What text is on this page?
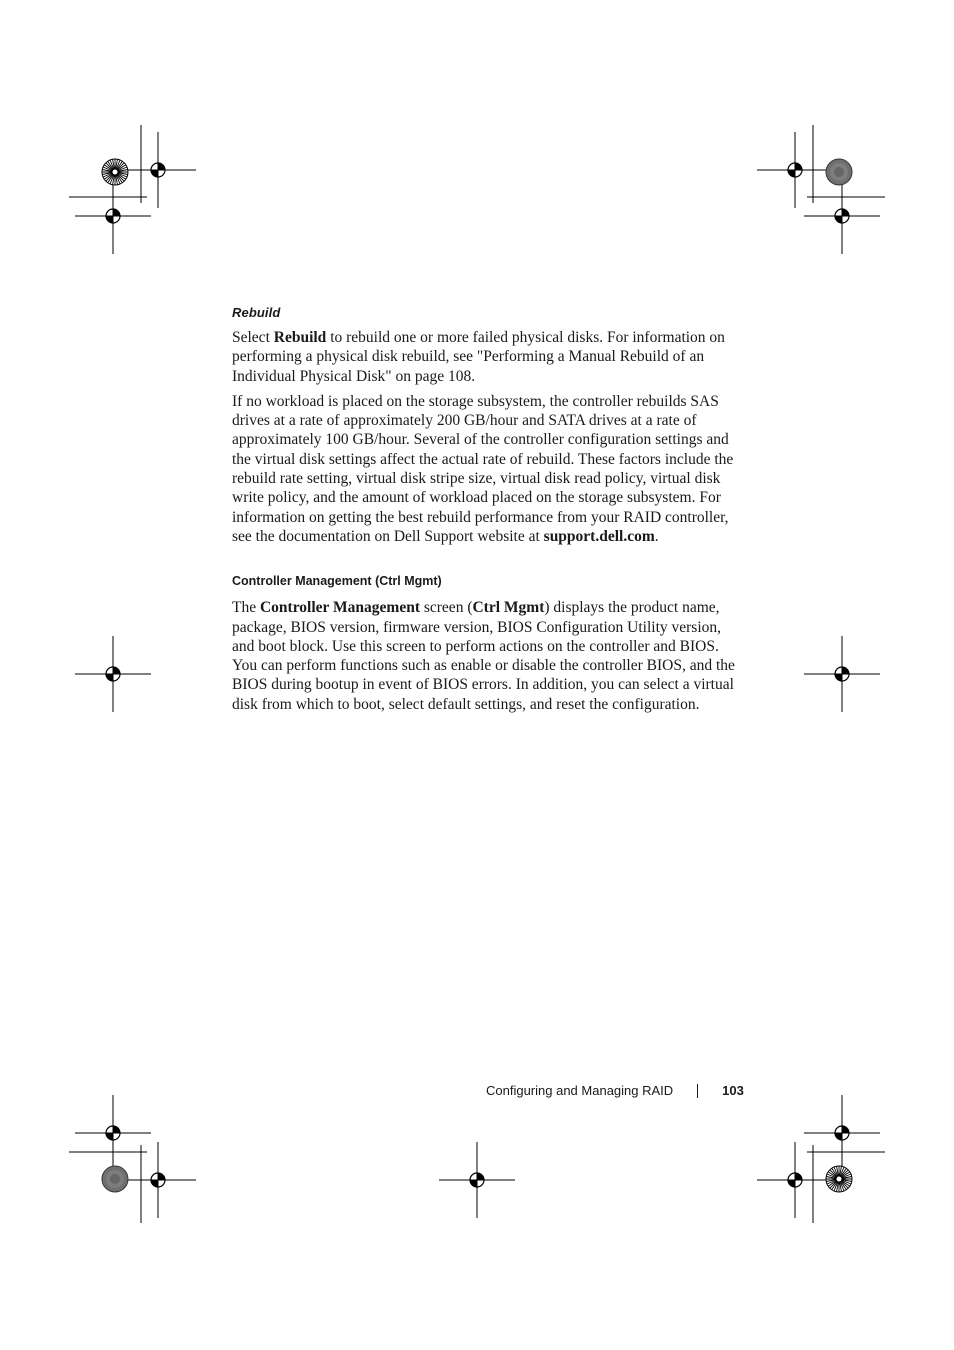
Rebuild

Select Rebuild to rebuild one or more failed physical disks. For information on performing a physical disk rebuild, see "Performing a Manual Rebuild of an Individual Physical Disk" on page 108.

If no workload is placed on the storage subsystem, the controller rebuilds SAS drives at a rate of approximately 200 GB/hour and SATA drives at a rate of approximately 100 GB/hour. Several of the controller configuration settings and the virtual disk settings affect the actual rate of rebuild. These factors include the rebuild rate setting, virtual disk stripe size, virtual disk read policy, virtual disk write policy, and the amount of workload placed on the storage subsystem. For information on getting the best rebuild performance from your RAID controller, see the documentation on Dell Support website at support.dell.com.

Controller Management (Ctrl Mgmt)

The Controller Management screen (Ctrl Mgmt) displays the product name, package, BIOS version, firmware version, BIOS Configuration Utility version, and boot block. Use this screen to perform actions on the controller and BIOS. You can perform functions such as enable or disable the controller BIOS, and the BIOS during bootup in event of BIOS errors. In addition, you can select a virtual disk from which to boot, select default settings, and reset the configuration.

Configuring and Managing RAID	103
